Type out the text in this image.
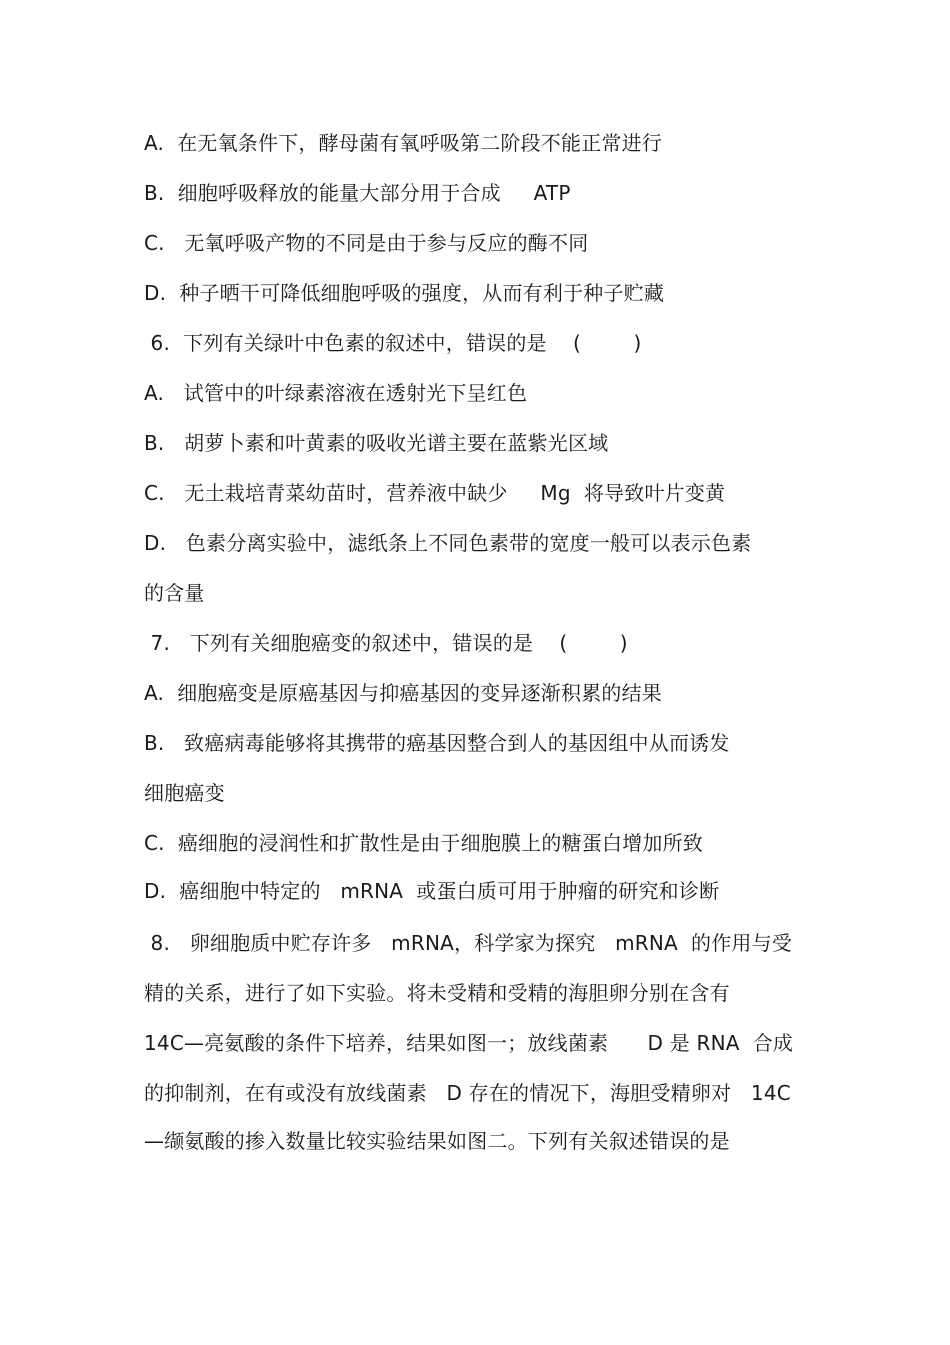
A.  在无氧条件下，酵母菌有氧呼吸第二阶段不能正常进行
B.  细胞呼吸释放的能量大部分用于合成     ATP
C.   无氧呼吸产物的不同是由于参与反应的酶不同
D.  种子晒干可降低细胞呼吸的强度，从而有利于种子贮藏
6.  下列有关绿叶中色素的叙述中，错误的是    (        )
A.   试管中的叶绿素溶液在透射光下呈红色
B.   胡萝卜素和叶黄素的吸收光谱主要在蓝紫光区域
C.   无土栽培青菜幼苗时，营养液中缺少     Mg  将导致叶片变黄
D.   色素分离实验中，滤纸条上不同色素带的宽度一般可以表示色素
的含量
7.   下列有关细胞癌变的叙述中，错误的是    (        )
A.  细胞癌变是原癌基因与抑癌基因的变异逐渐积累的结果
B.   致癌病毒能够将其携带的癌基因整合到人的基因组中从而诱发
细胞癌变
C.  癌细胞的浸润性和扩散性是由于细胞膜上的糖蛋白增加所致
D.  癌细胞中特定的   mRNA  或蛋白质可用于肿瘤的研究和诊断
8.   卵细胞质中贮存许多   mRNA，科学家为探究   mRNA  的作用与受
精的关系，进行了如下实验。将未受精和受精的海胆卵分别在含有
14C—亮氨酸的条件下培养，结果如图一；放线菌素      D 是 RNA  合成
的抑制剂，在有或没有放线菌素   D 存在的情况下，海胆受精卵对   14C
—缬氨酸的掺入数量比较实验结果如图二。下列有关叙述错误的是
